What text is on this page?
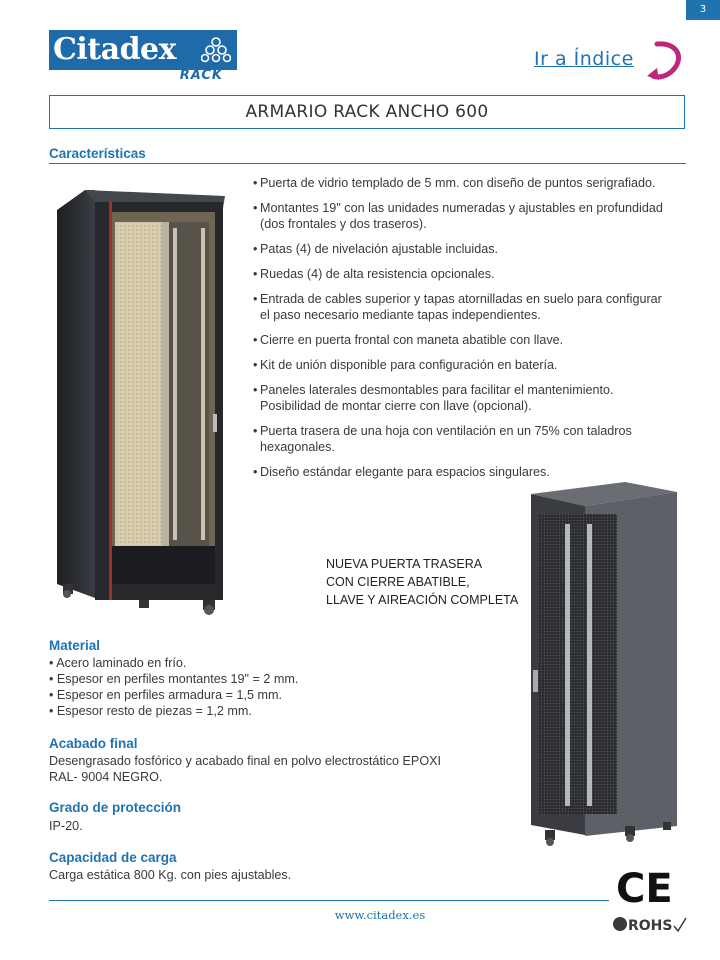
3
Citadex
RACK
Ir a Índice
ARMARIO RACK ANCHO 600
Características
• Puerta de vidrio templado de 5 mm. con diseño de puntos serigrafiado.
• Montantes 19" con las unidades numeradas y ajustables en profundidad
(dos frontales y dos traseros).
• Patas (4) de nivelación ajustable incluidas.
• Ruedas (4) de alta resistencia opcionales.
• Entrada de cables superior y tapas atornilladas en suelo para configurar
el paso necesario mediante tapas independientes.
• Cierre en puerta frontal con maneta abatible con llave.
• Kit de unión disponible para configuración en batería.
• Paneles laterales desmontables para facilitar el mantenimiento.
Posibilidad de montar cierre con llave (opcional).
• Puerta trasera de una hoja con ventilación en un 75% con taladros
hexagonales.
• Diseño estándar elegante para espacios singulares.
NUEVA PUERTA TRASERA
CON CIERRE ABATIBLE,
LLAVE Y AIREACIÓN COMPLETA
Material
• Acero laminado en frío.
• Espesor en perfiles montantes 19" = 2 mm.
• Espesor en perfiles armadura = 1,5 mm.
• Espesor resto de piezas = 1,2 mm.
Acabado final
Desengrasado fosfórico y acabado final en polvo electrostático EPOXI
RAL- 9004 NEGRO.
Grado de protección
IP-20.
Capacidad de carga
Carga estática 800 Kg. con pies ajustables.
www.citadex.es
CE
ROHS
